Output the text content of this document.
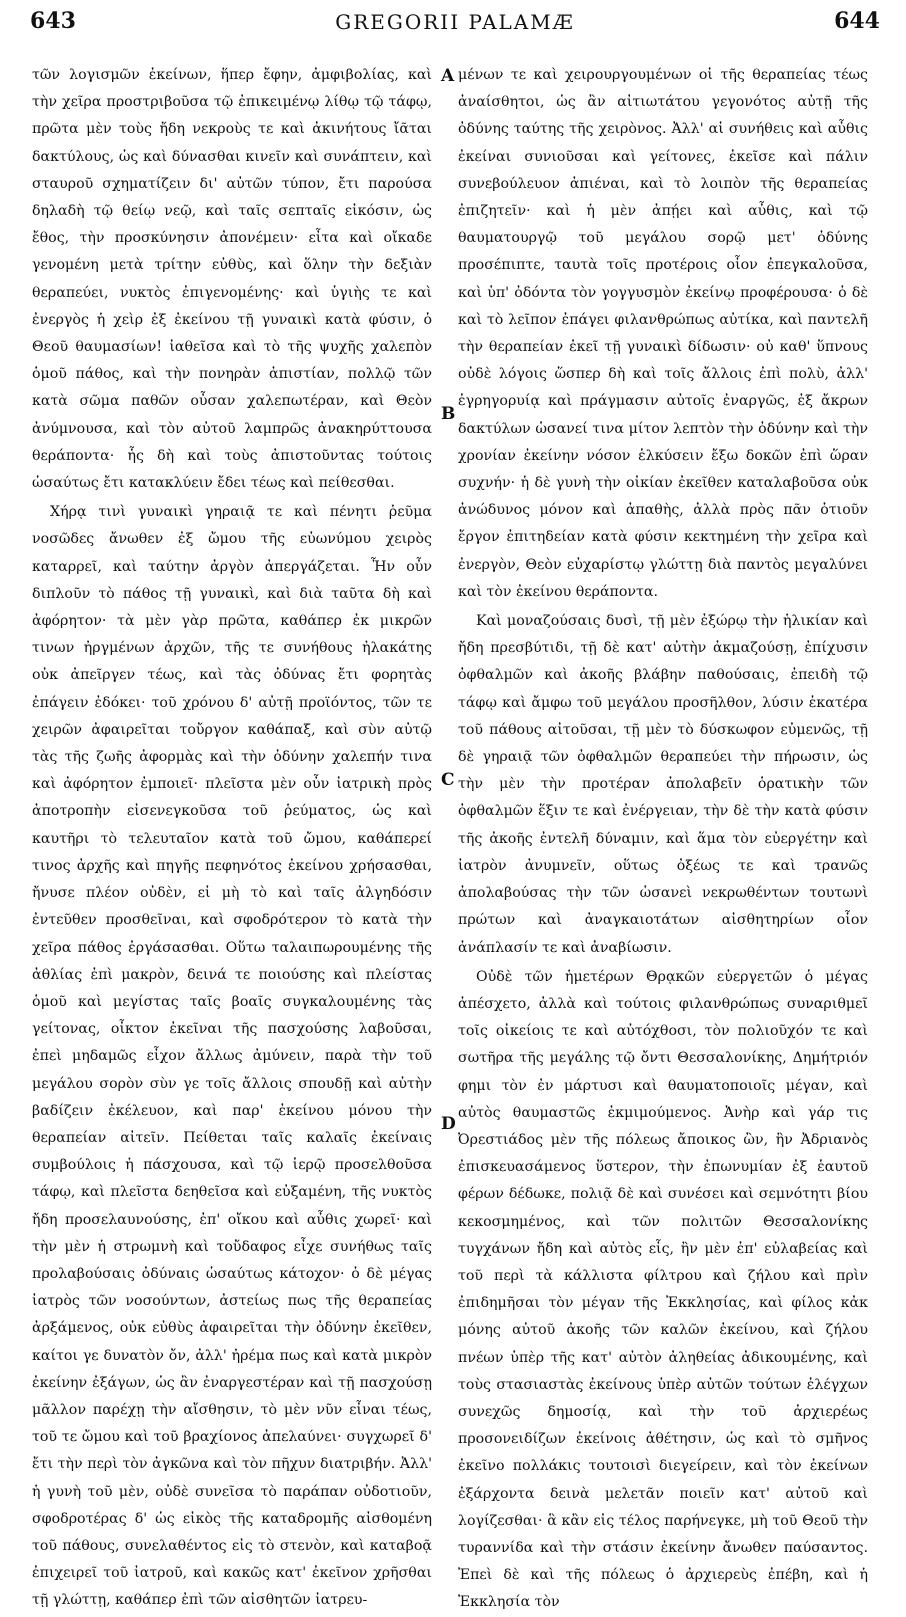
643	GREGORII PALAMÆ	644
A
B
C
D

τῶν λογισμῶν ἐκείνων, ἥπερ ἔφην, ἀμφιβολίας, καὶ τὴν χεῖρα προστριβοῦσα τῷ ἐπικειμένῳ λίθῳ τῷ τάφῳ, πρῶτα μὲν τοὺς ἤδη νεκροὺς τε καὶ ἀκινήτους ἴᾶται δακτύλους, ὡς καὶ δύνασθαι κινεῖν καὶ συνάπτειν, καὶ σταυροῦ σχηματίζειν δι' αὐτῶν τύπον, ἔτι παρούσα δηλαδὴ τῷ θείῳ νεῷ, καὶ ταῖς σεπταῖς εἰκόσιν, ὡς ἔθος, τὴν προσκύνησιν ἀπονέμειν· εἶτα καὶ οἴκαδε γενομένη μετὰ τρίτην εὐθὺς, καὶ ὅλην τὴν δεξιὰν θεραπεύει, νυκτὸς ἐπιγενομένης· καὶ ὑγιὴς τε καὶ ἐνεργὸς ἡ χεὶρ ἐξ ἐκείνου τῇ γυναικὶ κατὰ φύσιν, ὁ Θεοῦ θαυμασίων! ἰαθεῖσα καὶ τὸ τῆς ψυχῆς χαλεπὸν ὁμοῦ πάθος, καὶ τὴν πονηρὰν ἀπιστίαν, πολλῷ τῶν κατὰ σῶμα παθῶν οὖσαν χαλεπωτέραν, καὶ Θεὸν ἀνύμνουσα, καὶ τὸν αὐτοῦ λαμπρῶς ἀνακηρύττουσα θεράποντα· ἧς δὴ καὶ τοὺς ἀπιστοῦντας τούτοις ὡσαύτως ἔτι κατακλύειν ἔδει τέως καὶ πείθεσθαι.

Χήρᾳ τινὶ γυναικὶ γηραιᾷ τε καὶ πένητι ῥεῦμα νοσῶδες ἄνωθεν ἐξ ὤμου τῆς εὐωνύμου χειρὸς καταρρεῖ, καὶ ταύτην ἀργὸν ἀπεργάζεται. Ἦν οὖν διπλοῦν τὸ πάθος τῇ γυναικὶ, καὶ διὰ ταῦτα δὴ καὶ ἀφόρητον· τὰ μὲν γὰρ πρῶτα, καθάπερ ἐκ μικρῶν τινων ἠργμένων ἀρχῶν, τῆς τε συνήθους ἠλακάτης οὐκ ἀπεῖργεν τέως, καὶ τὰς ὀδύνας ἔτι φορητὰς ἐπάγειν ἐδόκει· τοῦ χρόνου δ' αὐτῇ προϊόντος, τῶν τε χειρῶν ἀφαιρεῖται τοὔργον καθάπαξ, καὶ σὺν αὐτῷ τὰς τῆς ζωῆς ἀφορμὰς καὶ τὴν ὀδύνην χαλεπήν τινα καὶ ἀφόρητον ἐμποιεῖ· πλεῖστα μὲν οὖν ἰατρικὴ πρὸς ἀποτροπὴν εἰσενεγκοῦσα τοῦ ῥεύματος, ὡς καὶ καυτῆρι τὸ τελευταῖον κατὰ τοῦ ὤμου, καθάπερεί τινος ἀρχῆς καὶ πηγῆς πεφηνότος ἐκείνου χρήσασθαι, ἤνυσε πλέον οὐδὲν, εἰ μὴ τὸ καὶ ταῖς ἀλγηδόσιν ἐντεῦθεν προσθεῖναι, καὶ σφοδρότερον τὸ κατὰ τὴν χεῖρα πάθος ἐργάσασθαι. Οὕτω ταλαιπωρουμένης τῆς ἀθλίας ἐπὶ μακρὸν, δεινά τε ποιούσης καὶ πλείστας ὁμοῦ καὶ μεγίστας ταῖς βοαῖς συγκαλουμένης τὰς γείτονας, οἶκτον ἐκεῖναι τῆς πασχούσης λαβοῦσαι, ἐπεὶ μηδαμῶς εἶχον ἄλλως ἀμύνειν, παρὰ τὴν τοῦ μεγάλου σορὸν σὺν γε τοῖς ἄλλοις σπουδῇ καὶ αὐτὴν βαδίζειν ἐκέλευον, καὶ παρ' ἐκείνου μόνου τὴν θεραπείαν αἰτεῖν. Πείθεται ταῖς καλαῖς ἐκείναις συμβούλοις ἡ πάσχουσα, καὶ τῷ ἱερῷ προσελθοῦσα τάφῳ, καὶ πλεῖστα δεηθεῖσα καὶ εὐξαμένη, τῆς νυκτὸς ἤδη προσελαυνούσης, ἐπ' οἴκου καὶ αὖθις χωρεῖ· καὶ τὴν μὲν ἡ στρωμνὴ καὶ τοὔδαφος εἶχε συνήθως ταῖς προλαβούσαις ὀδύναις ὡσαύτως κάτοχον· ὁ δὲ μέγας ἰατρὸς τῶν νοσούντων, ἀστείως πως τῆς θεραπείας ἀρξάμενος, οὐκ εὐθὺς ἀφαιρεῖται τὴν ὀδύνην ἐκεῖθεν, καίτοι γε δυνατὸν ὄν, ἀλλ' ἠρέμα πως καὶ κατὰ μικρὸν ἐκείνην ἐξάγων, ὡς ἂν ἐναργεστέραν καὶ τῇ πασχούσῃ μᾶλλον παρέχῃ τὴν αἴσθησιν, τὸ μὲν νῦν εἶναι τέως, τοῦ τε ὤμου καὶ τοῦ βραχίονος ἀπελαύνει· συγχωρεῖ δ' ἔτι τὴν περὶ τὸν ἀγκῶνα καὶ τὸν πῆχυν διατριβήν. Ἀλλ' ἡ γυνὴ τοῦ μὲν, οὐδὲ συνεῖσα τὸ παράπαν οὐδοτιοῦν, σφοδροτέρας δ' ὡς εἰκὸς τῆς καταδρομῆς αἰσθομένη τοῦ πάθους, συνελαθέντος εἰς τὸ στενὸν, καὶ καταβοᾷ ἐπιχειρεῖ τοῦ ἰατροῦ, καὶ κακῶς κατ' ἐκεῖνον χρῆσθαι τῇ γλώττῃ, καθάπερ ἐπὶ τῶν αἰσθητῶν ἰατρευ-

μένων τε καὶ χειρουργουμένων οἱ τῆς θεραπείας τέως ἀναίσθητοι, ὡς ἂν αἰτιωτάτου γεγονότος αὐτῇ τῆς ὀδύνης ταύτης τῆς χειρὸνος. Ἀλλ' αἱ συνήθεις καὶ αὖθις ἐκείναι συνιοῦσαι καὶ γείτονες, ἐκεῖσε καὶ πάλιν συνεβούλευον ἀπιέναι, καὶ τὸ λοιπὸν τῆς θεραπείας ἐπιζητεῖν· καὶ ἡ μὲν ἀπῄει καὶ αὖθις, καὶ τῷ θαυματουργῷ τοῦ μεγάλου σορῷ μετ' ὀδύνης προσέπιπτε, ταυτὰ τοῖς προτέροις οἷον ἐπεγκαλοῦσα, καὶ ὑπ' ὀδόντα τὸν γογγυσμὸν ἐκείνῳ προφέρουσα· ὁ δὲ καὶ τὸ λεῖπον ἐπάγει φιλανθρώπως αὐτίκα, καὶ παντελῆ τὴν θεραπείαν ἐκεῖ τῇ γυναικὶ δίδωσιν· οὐ καθ' ὕπνους οὐδὲ λόγοις ὥσπερ δὴ καὶ τοῖς ἄλλοις ἐπὶ πολὺ, ἀλλ' ἐγρηγορυίᾳ καὶ πράγμασιν αὐτοῖς ἐναργῶς, ἐξ ἄκρων δακτύλων ὡσανεί τινα μίτον λεπτὸν τὴν ὀδύνην καὶ τὴν χρονίαν ἐκείνην νόσον ἑλκύσειν ἔξω δοκῶν ἐπὶ ὥραν συχνήν· ἡ δὲ γυνὴ τὴν οἰκίαν ἐκεῖθεν καταλαβοῦσα οὐκ ἀνώδυνος μόνον καὶ ἀπαθὴς, ἀλλὰ πρὸς πᾶν ὁτιοῦν ἔργον ἐπιτηδείαν κατὰ φύσιν κεκτημένη τὴν χεῖρα καὶ ἐνεργὸν, Θεὸν εὐχαρίστῳ γλώττῃ διὰ παντὸς μεγαλύνει καὶ τὸν ἐκείνου θεράποντα.

Καὶ μοναζούσαις δυσὶ, τῇ μὲν ἐξώρῳ τὴν ἡλικίαν καὶ ἤδη πρεσβύτιδι, τῇ δὲ κατ' αὐτὴν ἀκμαζούσῃ, ἐπίχυσιν ὀφθαλμῶν καὶ ἀκοῆς βλάβην παθούσαις, ἐπειδὴ τῷ τάφῳ καὶ ἄμφω τοῦ μεγάλου προσῆλθον, λύσιν ἑκατέρα τοῦ πάθους αἰτοῦσαι, τῇ μὲν τὸ δύσκωφον εὐμενῶς, τῇ δὲ γηραιᾷ τῶν ὀφθαλμῶν θεραπεύει τὴν πήρωσιν, ὡς τὴν μὲν τὴν προτέραν ἀπολαβεῖν ὁρατικὴν τῶν ὀφθαλμῶν ἕξιν τε καὶ ἐνέργειαν, τὴν δὲ τὴν κατὰ φύσιν τῆς ἀκοῆς ἐντελῆ δύναμιν, καὶ ἅμα τὸν εὐεργέτην καὶ ἰατρὸν ἀνυμνεῖν, οὕτως ὀξέως τε καὶ τρανῶς ἀπολαβούσας τὴν τῶν ὡσανεὶ νεκρωθέντων τουτωνὶ πρώτων καὶ ἀναγκαιοτάτων αἰσθητηρίων οἷον ἀνάπλασίν τε καὶ ἀναβίωσιν.

Οὐδὲ τῶν ἡμετέρων Θρᾳκῶν εὐεργετῶν ὁ μέγας ἀπέσχετο, ἀλλὰ καὶ τούτοις φιλανθρώπως συναριθμεῖ τοῖς οἰκείοις τε καὶ αὐτόχθοσι, τὸν πολιοῦχόν τε καὶ σωτῆρα τῆς μεγάλης τῷ ὄντι Θεσσαλονίκης, Δημήτριόν φημι τὸν ἐν μάρτυσι καὶ θαυματοποιοῖς μέγαν, καὶ αὐτὸς θαυμαστῶς ἐκμιμούμενος. Ἀνὴρ καὶ γάρ τις Ὀρεστιάδος μὲν τῆς πόλεως ἄποικος ὢν, ἣν Ἀδριανὸς ἐπισκευασάμενος ὕστερον, τὴν ἐπωνυμίαν ἐξ ἑαυτοῦ φέρων δέδωκε, πολιᾷ δὲ καὶ συνέσει καὶ σεμνότητι βίου κεκοσμημένος, καὶ τῶν πολιτῶν Θεσσαλονίκης τυγχάνων ἤδη καὶ αὐτὸς εἷς, ἢν μὲν ἐπ' εὐλαβείας καὶ τοῦ περὶ τὰ κάλλιστα φίλτρου καὶ ζήλου καὶ πρὶν ἐπιδημῆσαι τὸν μέγαν τῆς Ἐκκλησίας, καὶ φίλος κἀκ μόνης αὐτοῦ ἀκοῆς τῶν καλῶν ἐκείνου, καὶ ζήλου πνέων ὑπὲρ τῆς κατ' αὐτὸν ἀληθείας ἀδικουμένης, καὶ τοὺς στασιαστὰς ἐκείνους ὑπὲρ αὐτῶν τούτων ἐλέγχων συνεχῶς δημοσίᾳ, καὶ τὴν τοῦ ἀρχιερέως προσονειδίζων ἐκείνοις ἀθέτησιν, ὡς καὶ τὸ σμῆνος ἐκεῖνο πολλάκις τουτοισὶ διεγείρειν, καὶ τὸν ἐκείνων ἐξάρχοντα δεινὰ μελετᾶν ποιεῖν κατ' αὐτοῦ καὶ λογίζεσθαι· ἃ κἂν εἰς τέλος παρήνεγκε, μὴ τοῦ Θεοῦ τὴν τυραννίδα καὶ τὴν στάσιν ἐκείνην ἄνωθεν παύσαντος. Ἐπεὶ δὲ καὶ τῆς πόλεως ὁ ἀρχιερεὺς ἐπέβη, καὶ ἡ Ἐκκλησία τὸν
